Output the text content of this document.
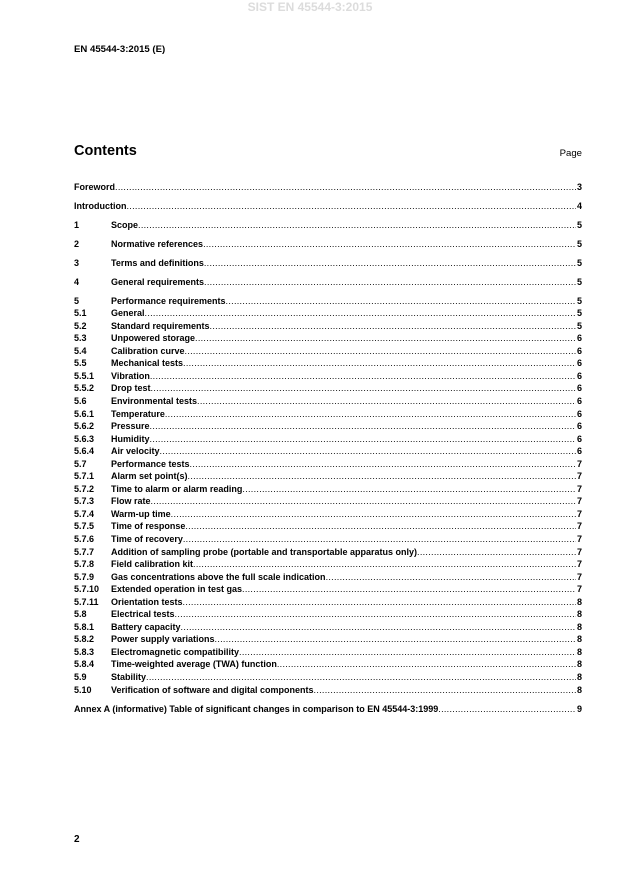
SIST EN 45544-3:2015
EN 45544-3:2015 (E)
Contents	Page
Foreword .....	3
Introduction .....	4
1	Scope .....	5
2	Normative references .....	5
3	Terms and definitions .....	5
4	General requirements .....	5
5	Performance requirements .....	5
5.1	General .....	5
5.2	Standard requirements .....	5
5.3	Unpowered storage .....	6
5.4	Calibration curve .....	6
5.5	Mechanical tests .....	6
5.5.1	Vibration .....	6
5.5.2	Drop test .....	6
5.6	Environmental tests .....	6
5.6.1	Temperature .....	6
5.6.2	Pressure .....	6
5.6.3	Humidity .....	6
5.6.4	Air velocity .....	6
5.7	Performance tests .....	7
5.7.1	Alarm set point(s) .....	7
5.7.2	Time to alarm or alarm reading .....	7
5.7.3	Flow rate .....	7
5.7.4	Warm-up time .....	7
5.7.5	Time of response .....	7
5.7.6	Time of recovery .....	7
5.7.7	Addition of sampling probe (portable and transportable apparatus only) .....	7
5.7.8	Field calibration kit .....	7
5.7.9	Gas concentrations above the full scale indication .....	7
5.7.10	Extended operation in test gas .....	7
5.7.11	Orientation tests .....	8
5.8	Electrical tests .....	8
5.8.1	Battery capacity .....	8
5.8.2	Power supply variations .....	8
5.8.3	Electromagnetic compatibility .....	8
5.8.4	Time-weighted average (TWA) function .....	8
5.9	Stability .....	8
5.10	Verification of software and digital components .....	8
Annex A (informative) Table of significant changes in comparison to EN 45544-3:1999 .....	9
2
